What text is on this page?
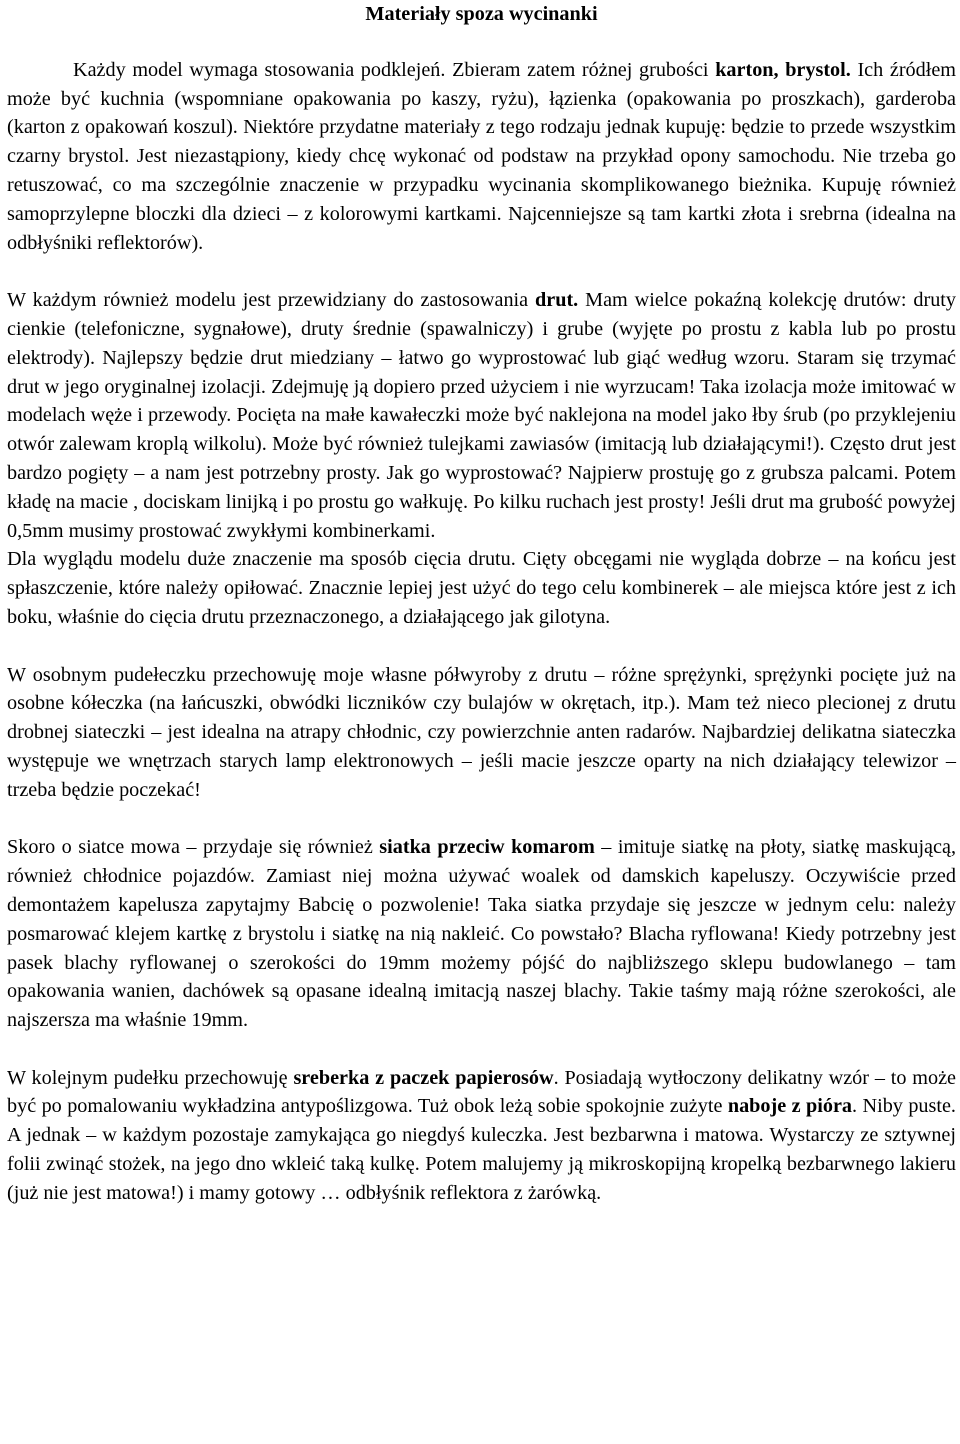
Materiały spoza wycinanki

Każdy model wymaga stosowania podklejeń. Zbieram zatem różnej grubości karton, brystol. Ich źródłem może być kuchnia (wspomniane opakowania po kaszy, ryżu), łązienka (opakowania po proszkach), garderoba (karton z opakowań koszul). Niektóre przydatne materiały z tego rodzaju jednak kupuję: będzie to przede wszystkim czarny brystol. Jest niezastąpiony, kiedy chcę wykonać od podstaw na przykład opony samochodu. Nie trzeba go retuszować, co ma szczególnie znaczenie w przypadku wycinania skomplikowanego bieżnika. Kupuję również samoprzylepne bloczki dla dzieci – z kolorowymi kartkami. Najcenniejsze są tam kartki złota i srebrna (idealna na odbłyśniki reflektorów).

W każdym również modelu jest przewidziany do zastosowania drut. Mam wielce pokaźną kolekcję drutów: druty cienkie (telefoniczne, sygnałowe), druty średnie (spawalniczy) i grube (wyjęte po prostu z kabla lub po prostu elektrody). Najlepszy będzie drut miedziany – łatwo go wyprostować lub giąć według wzoru. Staram się trzymać drut w jego oryginalnej izolacji. Zdejmuję ją dopiero przed użyciem i nie wyrzucam! Taka izolacja może imitować w modelach węże i przewody. Pocięta na małe kawałeczki może być naklejona na model jako łby śrub (po przyklejeniu otwór zalewam kroplą wilkolu). Może być również tulejkami zawiasów (imitacją lub działającymi!). Często drut jest bardzo pogięty – a nam jest potrzebny prosty. Jak go wyprostować? Najpierw prostuję go z grubsza palcami. Potem kładę na macie , dociskam linijką i po prostu go wałkuję. Po kilku ruchach jest prosty! Jeśli drut ma grubość powyżej 0,5mm musimy prostować zwykłymi kombinerkami.

Dla wyglądu modelu duże znaczenie ma sposób cięcia drutu. Cięty obcęgami nie wygląda dobrze – na końcu jest spłaszczenie, które należy opiłować. Znacznie lepiej jest użyć do tego celu kombinerek – ale miejsca które jest z ich boku, właśnie do cięcia drutu przeznaczonego, a działającego jak gilotyna.

W osobnym pudełeczku przechowuję moje własne półwyroby z drutu – różne sprężynki, sprężynki pocięte już na osobne kółeczka (na łańcuszki, obwódki liczników czy bulajów w okrętach, itp.). Mam też nieco plecionej z drutu drobnej siateczki – jest idealna na atrapy chłodnic, czy powierzchnie anten radarów. Najbardziej delikatna siateczka występuje we wnętrzach starych lamp elektronowych – jeśli macie jeszcze oparty na nich działający telewizor – trzeba będzie poczekać!

Skoro o siatce mowa – przydaje się również siatka przeciw komarom – imituje siatkę na płoty, siatkę maskującą, również chłodnice pojazdów. Zamiast niej można używać woalek od damskich kapeluszy. Oczywiście przed demontażem kapelusza zapytajmy Babcię o pozwolenie! Taka siatka przydaje się jeszcze w jednym celu: należy posmarować klejem kartkę z brystolu i siatkę na nią nakleić. Co powstało? Blacha ryflowana! Kiedy potrzebny jest pasek blachy ryflowanej o szerokości do 19mm możemy pójść do najbliższego sklepu budowlanego – tam opakowania wanien, dachówek są opasane idealną imitacją naszej blachy. Takie taśmy mają różne szerokości, ale najszersza ma właśnie 19mm.

W kolejnym pudełku przechowuję sreberka z paczek papierosów. Posiadają wytłoczony delikatny wzór – to może być po pomalowaniu wykładzina antypoślizgowa. Tuż obok leżą sobie spokojnie zużyte naboje z pióra. Niby puste. A jednak – w każdym pozostaje zamykająca go niegdyś kuleczka. Jest bezbarwna i matowa. Wystarczy ze sztywnej folii zwinąć stożek, na jego dno wkleić taką kulkę. Potem malujemy ją mikroskopijną kropelką bezbarwnego lakieru (już nie jest matowa!) i mamy gotowy … odbłyśnik reflektora z żarówką.
